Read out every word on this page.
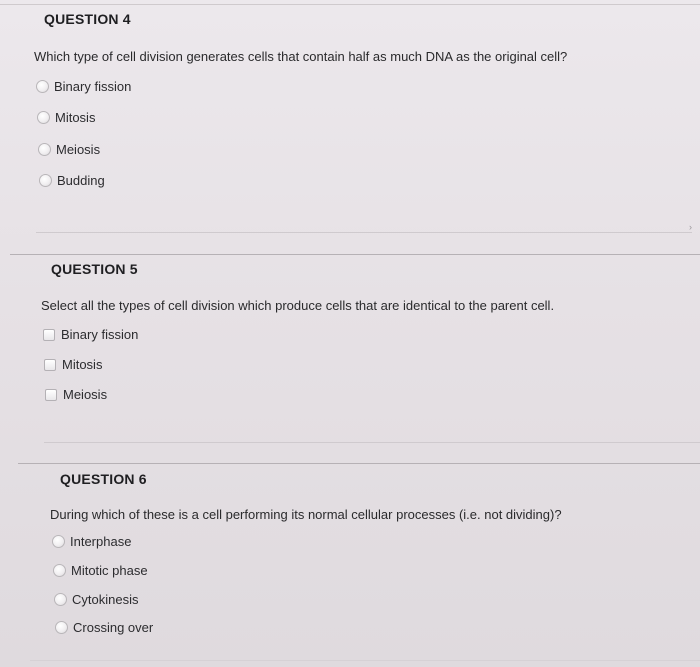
QUESTION 4
Which type of cell division generates cells that contain half as much DNA as the original cell?
Binary fission
Mitosis
Meiosis
Budding
›
QUESTION 5
Select all the types of cell division which produce cells that are identical to the parent cell.
Binary fission
Mitosis
Meiosis
QUESTION 6
During which of these is a cell performing its normal cellular processes (i.e. not dividing)?
Interphase
Mitotic phase
Cytokinesis
Crossing over
